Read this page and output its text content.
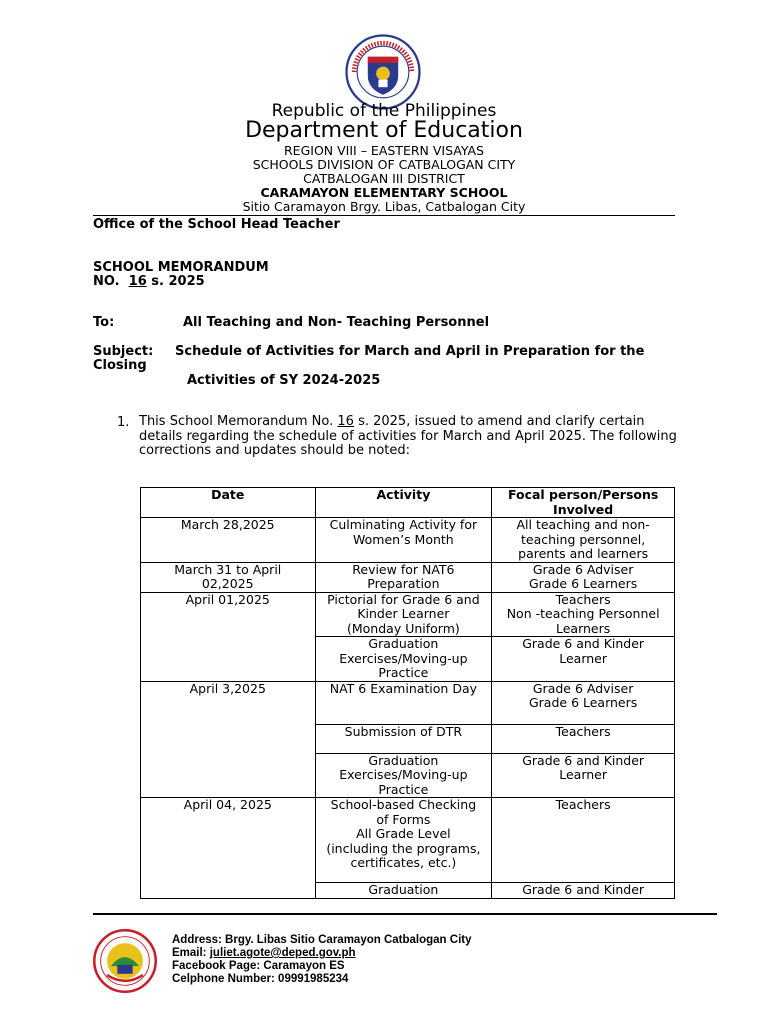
Republic of the Philippines
Department of Education
REGION VIII – EASTERN VISAYAS
SCHOOLS DIVISION OF CATBALOGAN CITY
CATBALOGAN III DISTRICT
CARAMAYON ELEMENTARY SCHOOL
Sitio Caramayon Brgy. Libas, Catbalogan City
Office of the School Head Teacher
SCHOOL MEMORANDUM
NO. 16 s. 2025
To:	All Teaching and Non- Teaching Personnel
Subject: Schedule of Activities for March and April in Preparation for the
Closing
Activities of SY 2024-2025
1. This School Memorandum No. 16 s. 2025, issued to amend and clarify certain
details regarding the schedule of activities for March and April 2025. The following
corrections and updates should be noted:
Date	Activity	Focal person/Persons
Involved
March 28,2025	Culminating Activity for
Women’s Month	All teaching and non-
teaching personnel,
parents and learners
March 31 to April
02,2025	Review for NAT6
Preparation	Grade 6 Adviser
Grade 6 Learners
April 01,2025	Pictorial for Grade 6 and
Kinder Learner
(Monday Uniform)	Teachers
Non -teaching Personnel
Learners
	Graduation
Exercises/Moving-up
Practice	Grade 6 and Kinder
Learner
April 3,2025	NAT 6 Examination Day	Grade 6 Adviser
Grade 6 Learners
	Submission of DTR	Teachers
	Graduation
Exercises/Moving-up
Practice	Grade 6 and Kinder
Learner
April 04, 2025	School-based Checking
of Forms
All Grade Level
(including the programs,
certificates, etc.)	Teachers
	Graduation	Grade 6 and Kinder
Address: Brgy. Libas Sitio Caramayon Catbalogan City
Email: juliet.agote@deped.gov.ph
Facebook Page: Caramayon ES
Celphone Number: 09991985234
